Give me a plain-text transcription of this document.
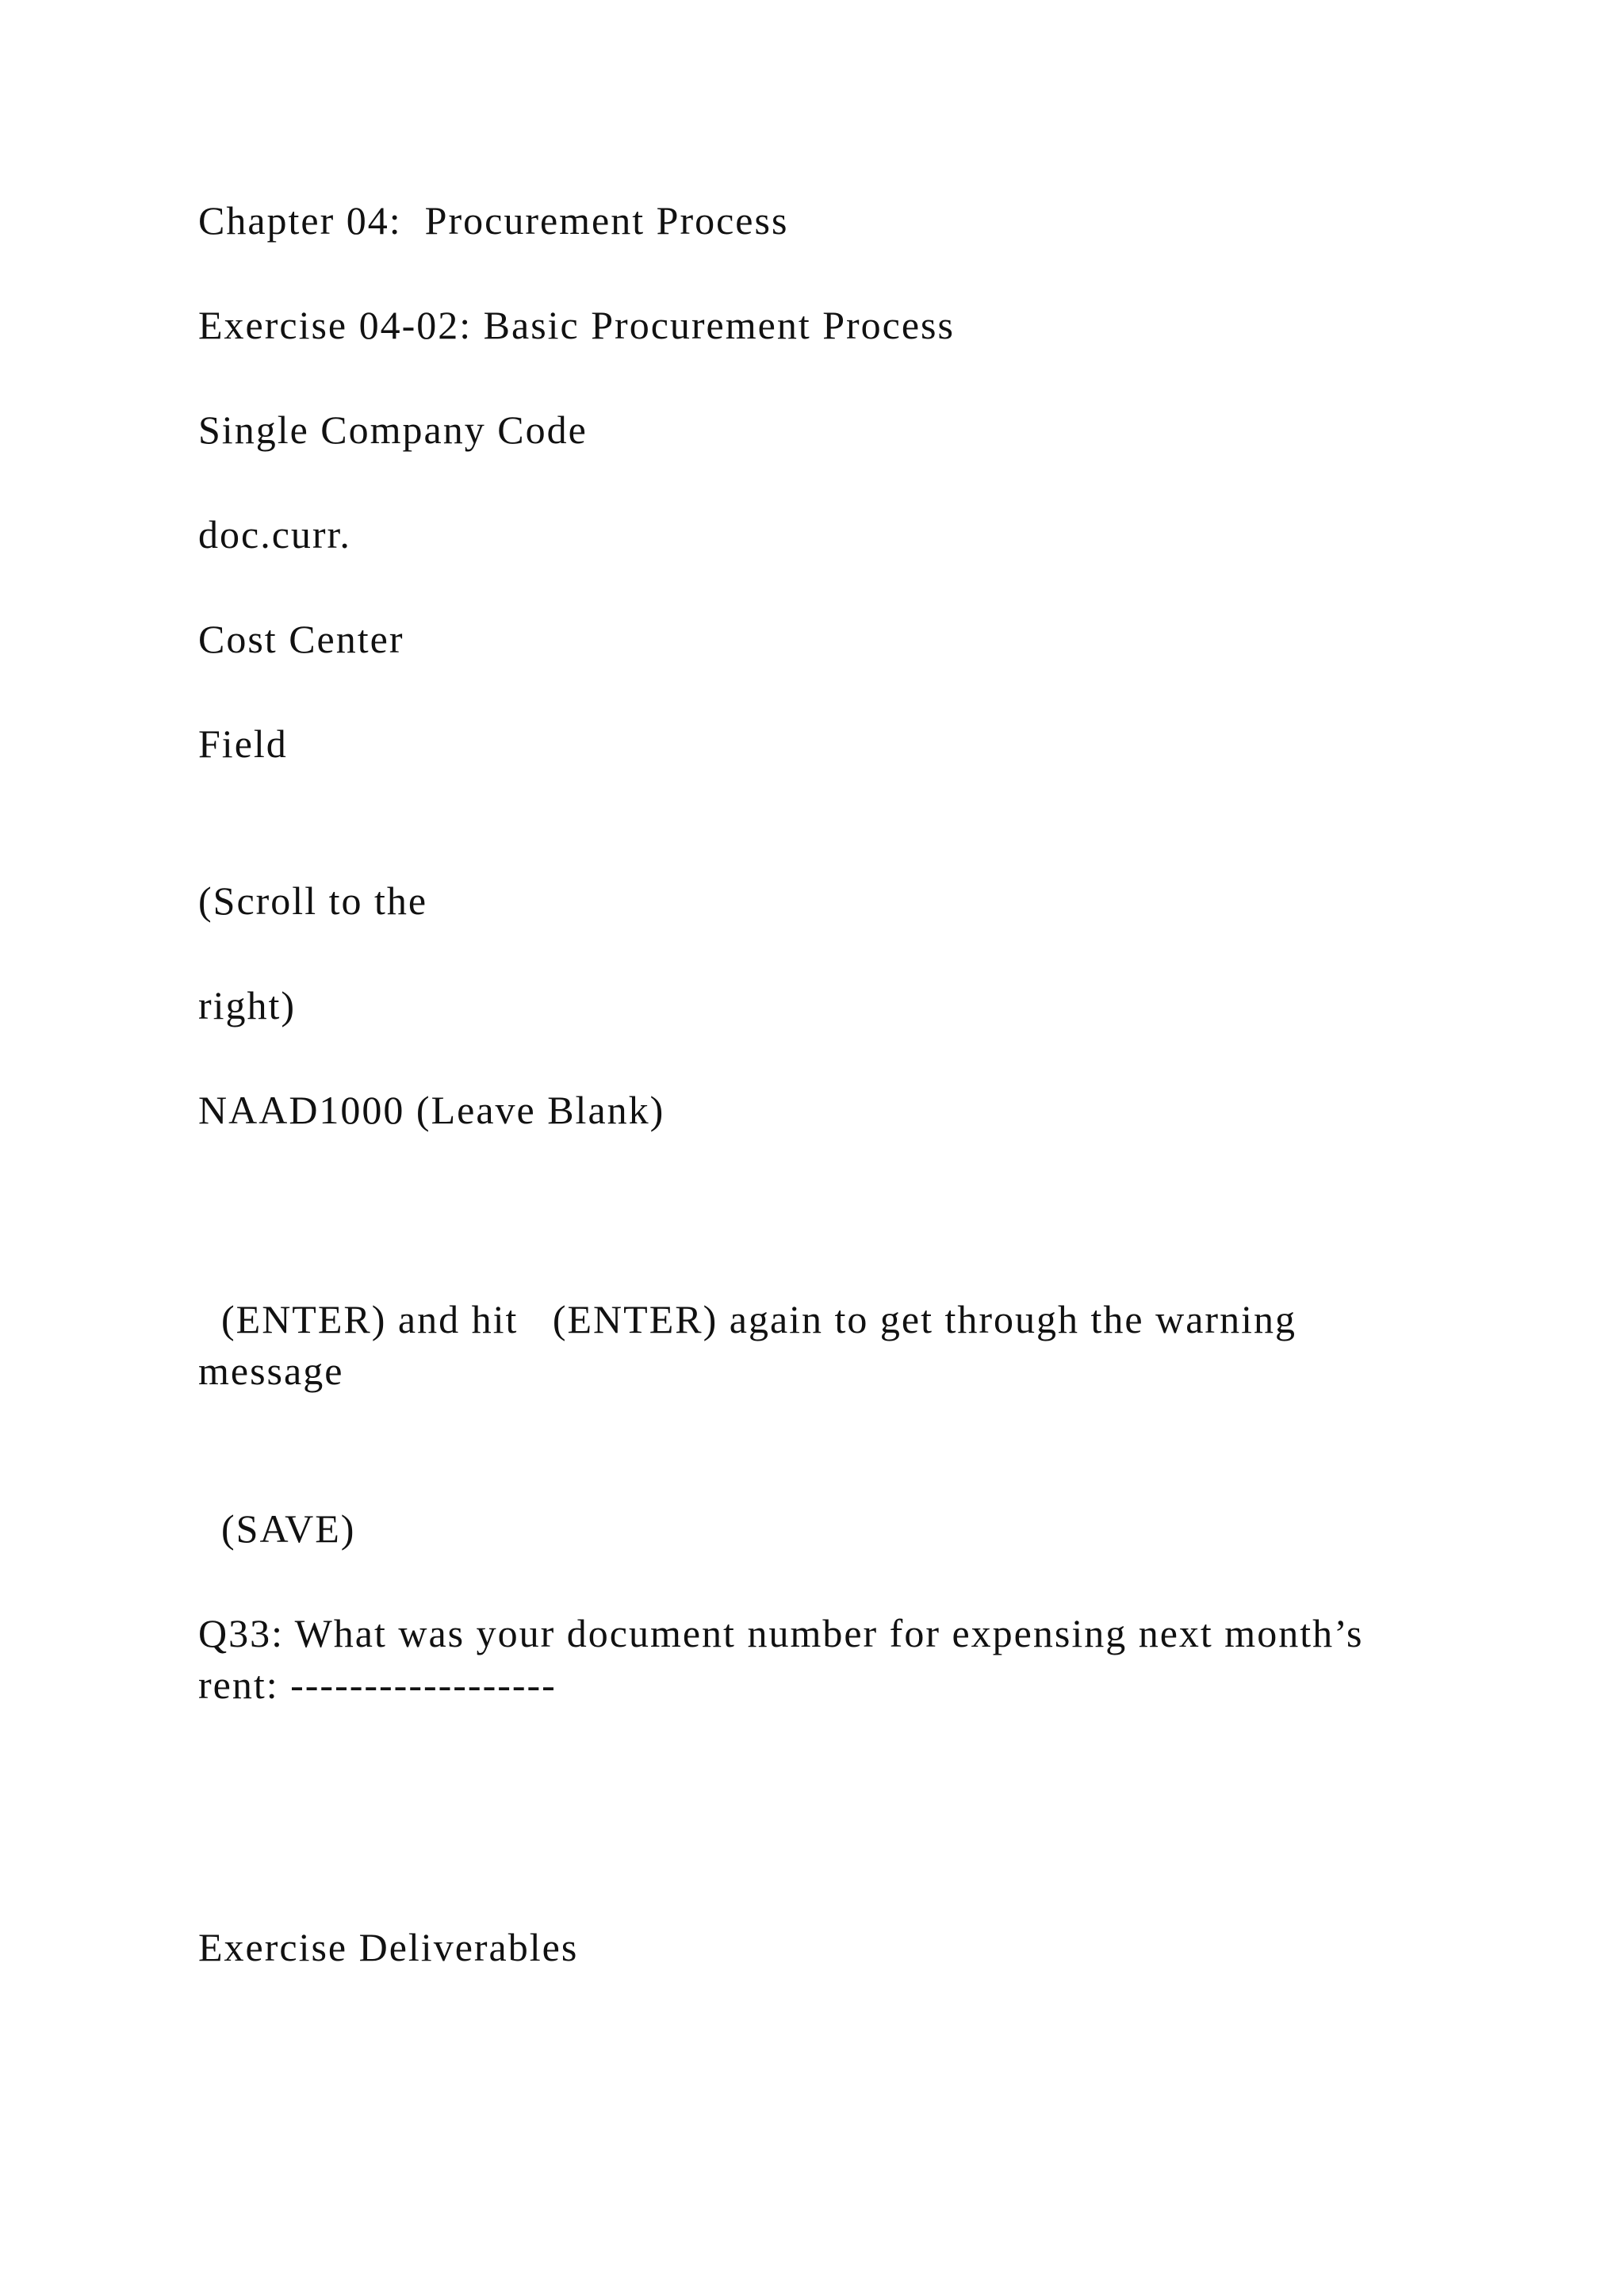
Chapter 04:  Procurement Process

Exercise 04-02: Basic Procurement Process

Single Company Code

doc.curr.

Cost Center

Field

(Scroll to the

right)

NAAD1000 (Leave Blank)

(ENTER) and hit   (ENTER) again to get through the warning message

(SAVE)

Q33: What was your document number for expensing next month’s rent: ------------------

Exercise Deliverables
